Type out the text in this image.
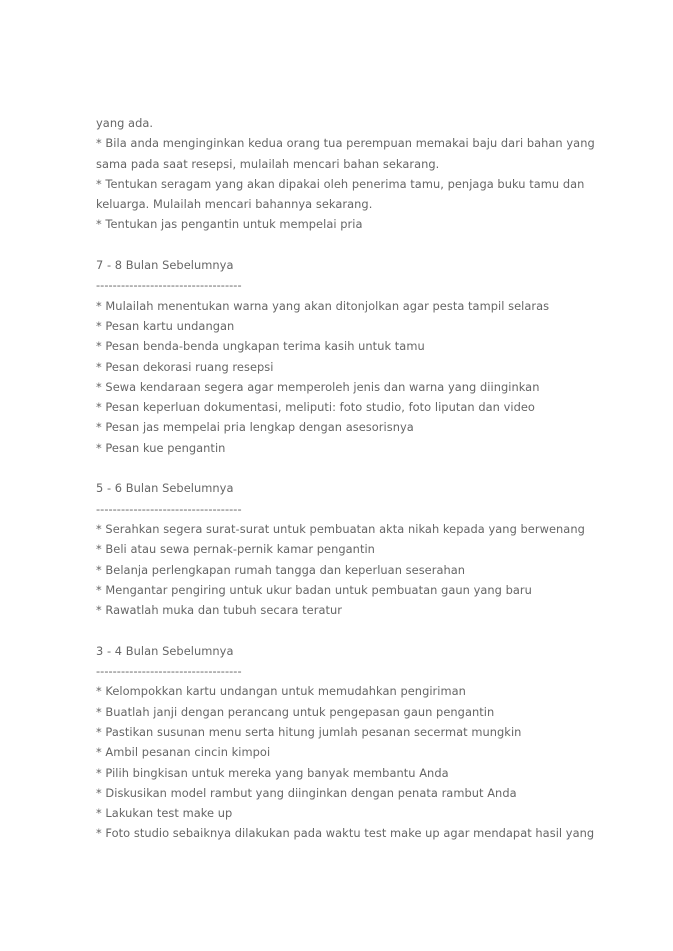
yang ada.
* Bila anda menginginkan kedua orang tua perempuan memakai baju dari bahan yang
sama pada saat resepsi, mulailah mencari bahan sekarang.
* Tentukan seragam yang akan dipakai oleh penerima tamu, penjaga buku tamu dan
keluarga. Mulailah mencari bahannya sekarang.
* Tentukan jas pengantin untuk mempelai pria
7 - 8 Bulan Sebelumnya
-----------------------------------
* Mulailah menentukan warna yang akan ditonjolkan agar pesta tampil selaras
* Pesan kartu undangan
* Pesan benda-benda ungkapan terima kasih untuk tamu
* Pesan dekorasi ruang resepsi
* Sewa kendaraan segera agar memperoleh jenis dan warna yang diinginkan
* Pesan keperluan dokumentasi, meliputi: foto studio, foto liputan dan video
* Pesan jas mempelai pria lengkap dengan asesorisnya
* Pesan kue pengantin
5 - 6 Bulan Sebelumnya
-----------------------------------
* Serahkan segera surat-surat untuk pembuatan akta nikah kepada yang berwenang
* Beli atau sewa pernak-pernik kamar pengantin
* Belanja perlengkapan rumah tangga dan keperluan seserahan
* Mengantar pengiring untuk ukur badan untuk pembuatan gaun yang baru
* Rawatlah muka dan tubuh secara teratur
3 - 4 Bulan Sebelumnya
-----------------------------------
* Kelompokkan kartu undangan untuk memudahkan pengiriman
* Buatlah janji dengan perancang untuk pengepasan gaun pengantin
* Pastikan susunan menu serta hitung jumlah pesanan secermat mungkin
* Ambil pesanan cincin kimpoi
* Pilih bingkisan untuk mereka yang banyak membantu Anda
* Diskusikan model rambut yang diinginkan dengan penata rambut Anda
* Lakukan test make up
* Foto studio sebaiknya dilakukan pada waktu test make up agar mendapat hasil yang
